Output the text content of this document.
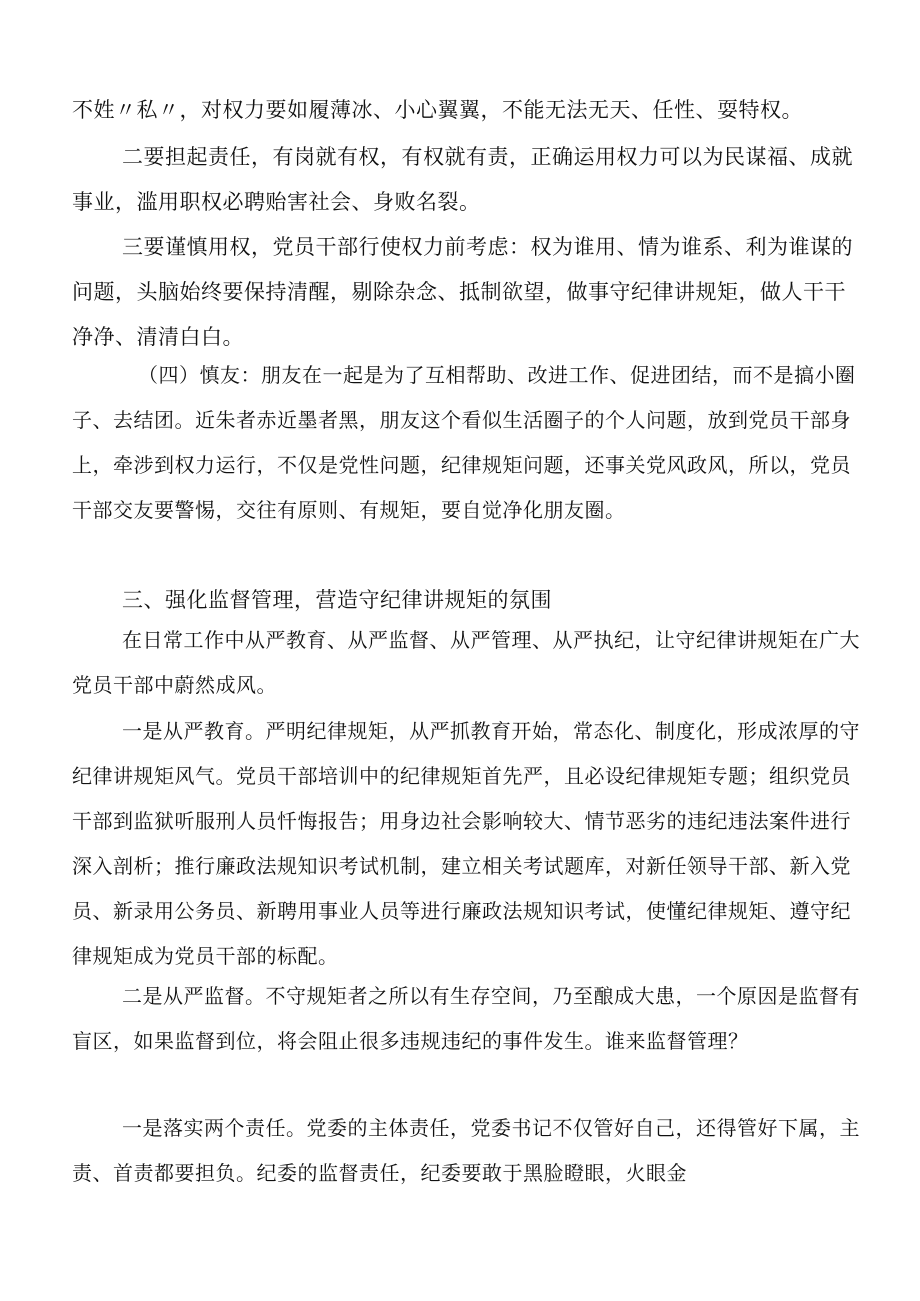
不姓〃私〃，对权力要如履薄冰、小心翼翼，不能无法无天、任性、耍特权。

二要担起责任，有岗就有权，有权就有责，正确运用权力可以为民谋福、成就事业，滥用职权必聘贻害社会、身败名裂。

三要谨慎用权，党员干部行使权力前考虑：权为谁用、情为谁系、利为谁谋的问题，头脑始终要保持清醒，剔除杂念、抵制欲望，做事守纪律讲规矩，做人干干净净、清清白白。

（四）慎友：朋友在一起是为了互相帮助、改进工作、促进团结，而不是搞小圈子、去结团。近朱者赤近墨者黑，朋友这个看似生活圈子的个人问题，放到党员干部身上，牵涉到权力运行，不仅是党性问题，纪律规矩问题，还事关党风政风，所以，党员干部交友要警惕，交往有原则、有规矩，要自觉净化朋友圈。

三、强化监督管理，营造守纪律讲规矩的氛围

在日常工作中从严教育、从严监督、从严管理、从严执纪，让守纪律讲规矩在广大党员干部中蔚然成风。

一是从严教育。严明纪律规矩，从严抓教育开始，常态化、制度化，形成浓厚的守纪律讲规矩风气。党员干部培训中的纪律规矩首先严，且必设纪律规矩专题；组织党员干部到监狱听服刑人员忏悔报告；用身边社会影响较大、情节恶劣的违纪违法案件进行深入剖析；推行廉政法规知识考试机制，建立相关考试题库，对新任领导干部、新入党员、新录用公务员、新聘用事业人员等进行廉政法规知识考试，使懂纪律规矩、遵守纪律规矩成为党员干部的标配。

二是从严监督。不守规矩者之所以有生存空间，乃至酿成大患，一个原因是监督有盲区，如果监督到位，将会阻止很多违规违纪的事件发生。谁来监督管理？

一是落实两个责任。党委的主体责任，党委书记不仅管好自己，还得管好下属，主责、首责都要担负。纪委的监督责任，纪委要敢于黑脸瞪眼，火眼金
